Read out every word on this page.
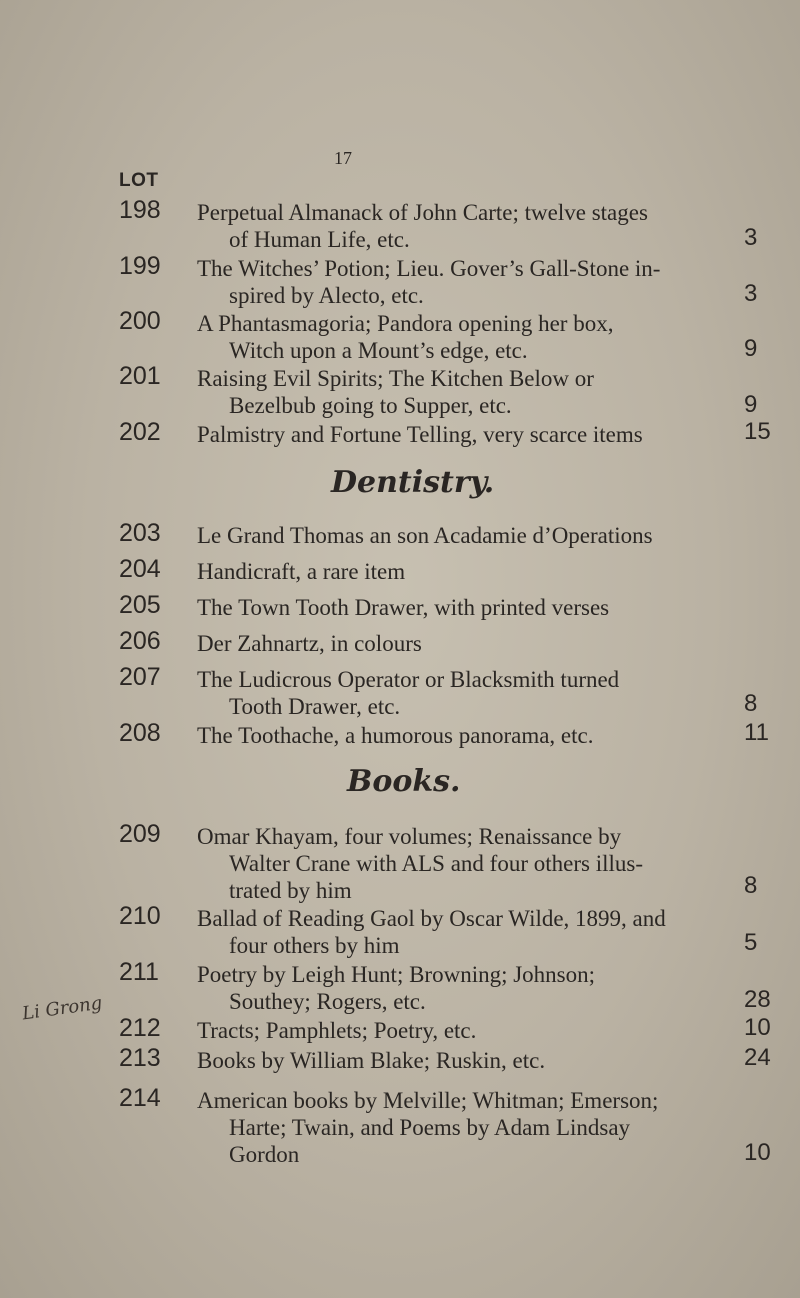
17
LOT
198 Perpetual Almanack of John Carte; twelve stages
of Human Life, etc.	3
199 The Witches’ Potion; Lieu. Gover’s Gall-Stone in-
spired by Alecto, etc.	3
200 A Phantasmagoria; Pandora opening her box,
Witch upon a Mount’s edge, etc.	9
201 Raising Evil Spirits; The Kitchen Below or
Bezelbub going to Supper, etc.	9
202 Palmistry and Fortune Telling, very scarce items	15
Dentistry.
203 Le Grand Thomas an son Acadamie d’Operations
204 Handicraft, a rare item
205 The Town Tooth Drawer, with printed verses
206 Der Zahnartz, in colours
207 The Ludicrous Operator or Blacksmith turned
Tooth Drawer, etc.	8
208 The Toothache, a humorous panorama, etc.	11
Books.
209 Omar Khayam, four volumes; Renaissance by
Walter Crane with ALS and four others illus-
trated by him	8
210 Ballad of Reading Gaol by Oscar Wilde, 1899, and
four others by him	5
211 Poetry by Leigh Hunt; Browning; Johnson;
Southey; Rogers, etc.	28
212 Tracts; Pamphlets; Poetry, etc.	10
213 Books by William Blake; Ruskin, etc.	24
214 American books by Melville; Whitman; Emerson;
Harte; Twain, and Poems by Adam Lindsay
Gordon	10
Li Grong
